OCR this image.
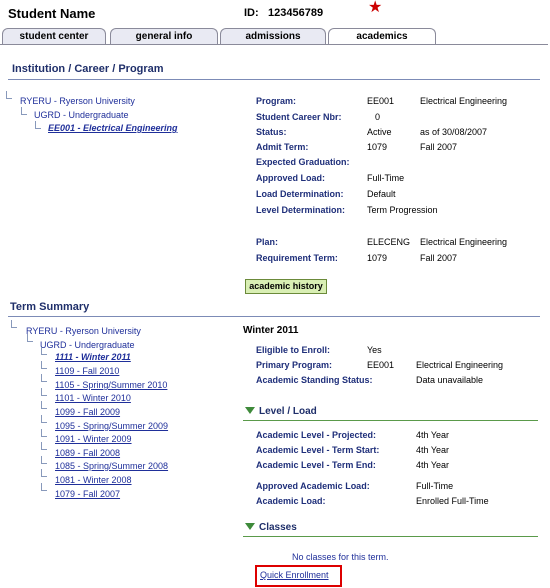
Student Name	ID: 123456789	★
student center	general info	admissions	academics
Institution / Career / Program
RYERU - Ryerson University
UGRD - Undergraduate
EE001 - Electrical Engineering
Program:	EE001	Electrical Engineering
Student Career Nbr:	0
Status:	Active	as of 30/08/2007
Admit Term:	1079	Fall 2007
Expected Graduation:
Approved Load:	Full-Time
Load Determination:	Default
Level Determination: Term Progression
Plan:	ELECENG Electrical Engineering
Requirement Term:	1079	Fall 2007
academic history
Term Summary
RYERU - Ryerson University
UGRD - Undergraduate
1111 - Winter 2011
1109 - Fall 2010
1105 - Spring/Summer 2010
1101 - Winter 2010
1099 - Fall 2009
1095 - Spring/Summer 2009
1091 - Winter 2009
1089 - Fall 2008
1085 - Spring/Summer 2008
1081 - Winter 2008
1079 - Fall 2007
Winter 2011
Eligible to Enroll:	Yes
Primary Program:	EE001 Electrical Engineering
Academic Standing Status:	Data unavailable
Level / Load
Academic Level - Projected:	4th Year
Academic Level - Term Start:	4th Year
Academic Level - Term End:	4th Year
Approved Academic Load:	Full-Time
Academic Load:	Enrolled Full-Time
Classes
No classes for this term.
Quick Enrollment
